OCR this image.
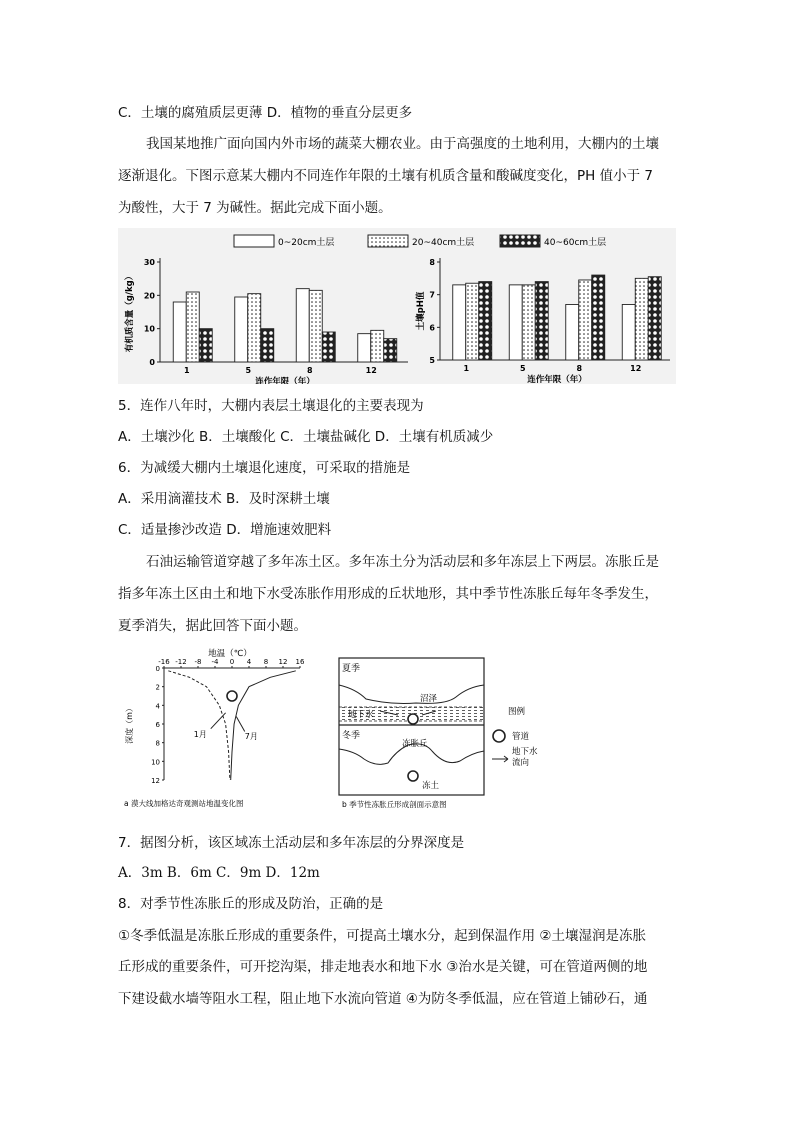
C．土壤的腐殖质层更薄 D．植物的垂直分层更多
我国某地推广面向国内外市场的蔬菜大棚农业。由于高强度的土地利用，大棚内的土壤
逐渐退化。下图示意某大棚内不同连作年限的土壤有机质含量和酸碱度变化，PH 值小于 7
为酸性，大于 7 为碱性。据此完成下面小题。
0~20cm土层	20~40cm土层	40~60cm土层
0
10
20
30
1	5	8	12
连作年限（年）
有机质含量（g/kg）
5
6
7
8
1	5	8	12
连作年限（年）
土壤pH值
5．连作八年时，大棚内表层土壤退化的主要表现为
A．土壤沙化 B．土壤酸化 C．土壤盐碱化 D．土壤有机质减少
6．为减缓大棚内土壤退化速度，可采取的措施是
A．采用滴灌技术 B．及时深耕土壤
C．适量掺沙改造 D．增施速效肥料
石油运输管道穿越了多年冻土区。多年冻土分为活动层和多年冻层上下两层。冻胀丘是
指多年冻土区由土和地下水受冻胀作用形成的丘状地形，其中季节性冻胀丘每年冬季发生，
夏季消失，据此回答下面小题。
地温（℃）
-16 -12 -8 -4 0 4 8 12 16
0
2
4
6
8
10
12
深度（m）	1月	7月
a 漠大线加格达奇观测站地温变化图
夏季
冬季
沼泽
地下水
冻胀丘
冻土
图例
管道
地下水
流向
b 季节性冻胀丘形成剖面示意图
7．据图分析，该区域冻土活动层和多年冻层的分界深度是
A．3m B．6m C．9m D．12m
8．对季节性冻胀丘的形成及防治，正确的是
①冬季低温是冻胀丘形成的重要条件，可提高土壤水分，起到保温作用 ②土壤湿润是冻胀
丘形成的重要条件，可开挖沟渠，排走地表水和地下水 ③治水是关键，可在管道两侧的地
下建设截水墙等阻水工程，阻止地下水流向管道 ④为防冬季低温，应在管道上铺砂石，通
